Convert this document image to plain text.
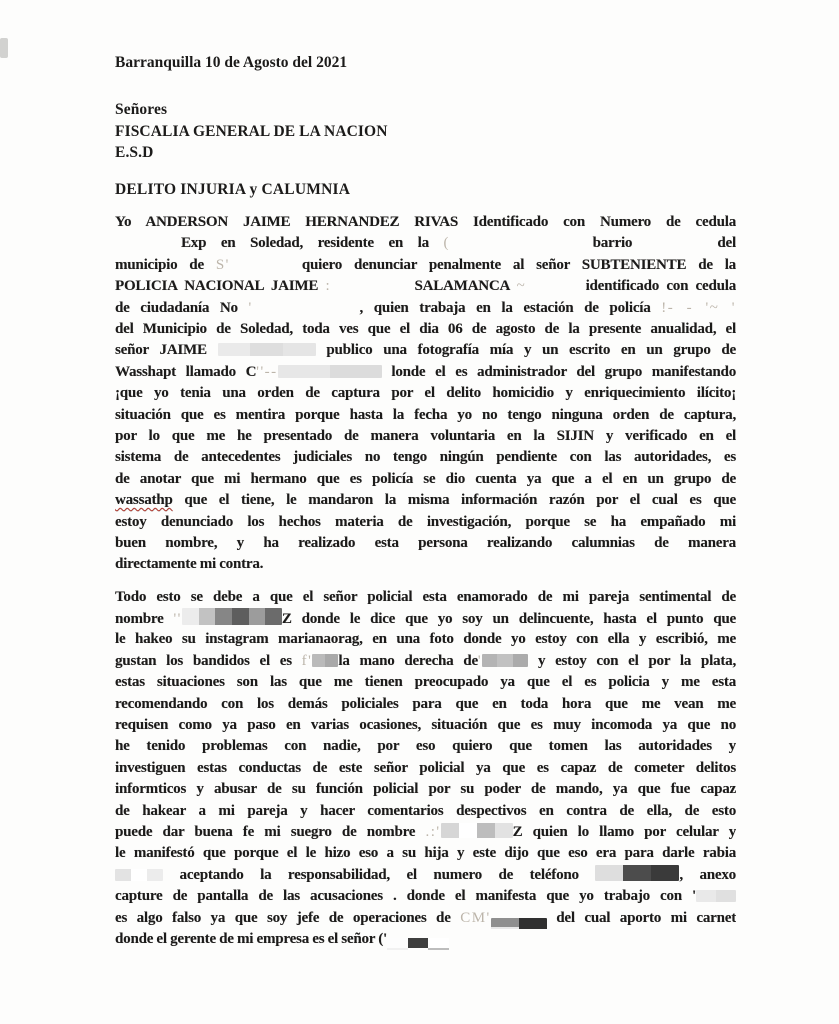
Barranquilla 10 de Agosto del 2021

Señores
FISCALIA GENERAL DE LA NACION
E.S.D

DELITO INJURIA y CALUMNIA

Yo ANDERSON JAIME HERNANDEZ RIVAS Identificado con Numero de cedula
Exp en Soledad, residente en la (	barrio	del
municipio de S'	quiero denunciar penalmente al señor SUBTENIENTE de la
POLICIA NACIONAL JAIME :	SALAMANCA ~	identificado con cedula
de ciudadanía No '	, quien trabaja en la estación de policía !- - '~ '
del Municipio de Soledad, toda ves que el dia 06 de agosto de la presente anualidad, el
señor JAIME	publico una fotografía mía y un escrito en un grupo de
Wasshapt llamado C''--	londe el es administrador del grupo manifestando
¡que yo tenia una orden de captura por el delito homicidio y enriquecimiento ilícito¡
situación que es mentira porque hasta la fecha yo no tengo ninguna orden de captura,
por lo que me he presentado de manera voluntaria en la SIJIN y verificado en el
sistema de antecedentes judiciales no tengo ningún pendiente con las autoridades, es
de anotar que mi hermano que es policía se dio cuenta ya que a el en un grupo de
wassathp que el tiene, le mandaron la misma información razón por el cual es que
estoy denunciado los hechos materia de investigación, porque se ha empañado mi
buen nombre, y ha realizado esta persona realizando calumnias de manera
directamente mi contra.
Todo esto se debe a que el señor policial esta enamorado de mi pareja sentimental de
nombre ''	Z donde le dice que yo soy un delincuente, hasta el punto que
le hakeo su instagram marianaorag, en una foto donde yo estoy con ella y escribió, me
gustan los bandidos el es f' la mano derecha de'	y estoy con el por la plata,
estas situaciones son las que me tienen preocupado ya que el es policia y me esta
recomendando con los demás policiales para que en toda hora que me vean me
requisen como ya paso en varias ocasiones, situación que es muy incomoda ya que no
he tenido problemas con nadie, por eso quiero que tomen las autoridades y
investiguen estas conductas de este señor policial ya que es capaz de cometer delitos
informticos y abusar de su función policial por su poder de mando, ya que fue capaz
de hakear a mi pareja y hacer comentarios despectivos en contra de ella, de esto
puede dar buena fe mi suegro de nombre .:'	Z quien lo llamo por celular y
le manifestó que porque el le hizo eso a su hija y este dijo que eso era para darle rabia
aceptando la responsabilidad, el numero de teléfono	, anexo
capture de pantalla de las acusaciones . donde el manifesta que yo trabajo con '
es algo falso ya que soy jefe de operaciones de CM'	del cual aporto mi carnet
donde el gerente de mi empresa es el señor ('
